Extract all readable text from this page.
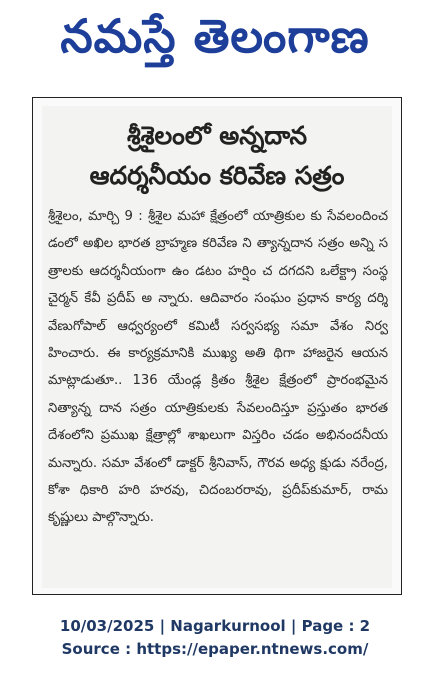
నమస్తే తెలంగాణ
శ్రీశైలంలో అన్నదాన
ఆదర్శనీయం కరివేణ సత్రం
శ్రీశైలం, మార్చి 9 : శ్రీశైల మహా క్షేత్రంలో యాత్రికుల కు సేవలందించడంలో అఖిల భారత బ్రాహ్మణ కరివేణ ని త్యాన్నదాన సత్రం అన్ని సత్రాలకు ఆదర్శనీయంగా ఉం డటం హర్షిం చ దగదని ఒలేక్ట్రా సంస్థ చైర్మన్ కేవీ ప్రదీప్ అ న్నారు. ఆదివారం సంఘం ప్రధాన కార్య దర్శి వేణుగోపాల్ ఆధ్వర్యంలో కమిటీ సర్వసభ్య సమా వేశం నిర్వహించారు. ఈ కార్యక్రమానికి ముఖ్య అతి థిగా హాజరైన ఆయన మాట్లాడుతూ.. 136 యేండ్ల క్రితం శ్రీశైల క్షేత్రంలో ప్రారంభమైన నిత్యాన్న దాన సత్రం యాత్రికులకు సేవలందిస్తూ ప్రస్తుతం భారత దేశంలోని ప్రముఖ క్షేత్రాల్లో శాఖలుగా విస్తరిం చడం అభినందనీయ మన్నారు. సమా వేశంలో డాక్టర్ శ్రీనివాస్, గౌరవ అధ్య క్షుడు నరేంద్ర, కోశా ధికారి హరి హరవు, చిదంబరరావు, ప్రదీప్‌కుమార్, రామకృష్ణులు పాల్గొన్నారు.
10/03/2025 | Nagarkurnool | Page : 2
Source : https://epaper.ntnews.com/
